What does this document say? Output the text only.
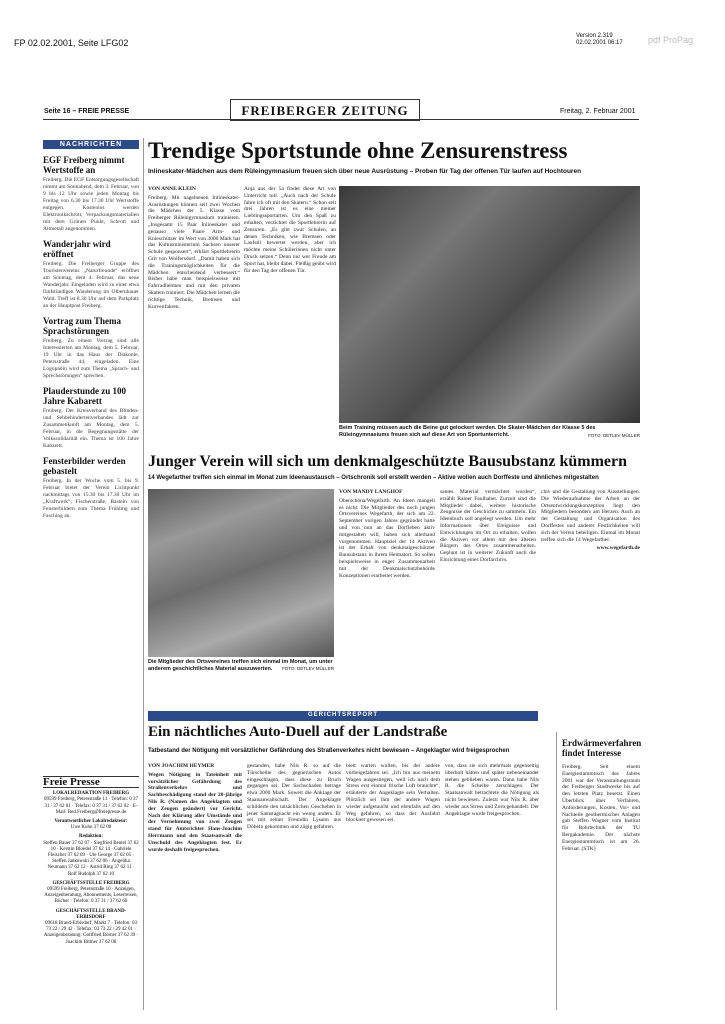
FP 02.02.2001, Seite LFG02
Version 2.319
02.02.2001 06:17	pdf ProPag
Seite 16 – FREIE PRESSE	FREIBERGER ZEITUNG	Freitag, 2. Februar 2001
NACHRICHTEN
EGF Freiberg nimmt Wertstoffe an
Freiberg. Die EGF Entsorgungsgesellschaft nimmt am Sonnabend, dem 3. Februar, von 9 bis 12 Uhr sowie jeden Montag bis Freitag von 6.30 bis 17.30 Uhr Wertstoffe entgegen. Kostenlos werden Elektronikschrott, Verpackungsmaterialien mit dem Grünen Punkt, Schrott und Altmetall angenommen.
Wanderjahr wird eröffnet
Freiberg. Die Freiberger Gruppe des Touristenvereins „Naturfreunde“ eröffnet am Sonntag, dem 4. Februar, das neue Wanderjahr. Eingeladen wird zu einer etwa fünfstündigen Wanderung im Olbernhauer Wald. Treff ist 8.30 Uhr auf dem Parkplatz an der Hauptpost Freiberg.
Vortrag zum Thema Sprachstörungen
Freiberg. Zu einem Vortrag sind alle Interessierten am Montag, dem 5. Februar, 19 Uhr in das Haus der Diakonie, Petersstraße 44, eingeladen. Eine Logopädin wird zum Thema „Sprach- und Sprechstörungen“ sprechen.
Plauderstunde zu 100 Jahre Kabarett
Freiberg. Der Kreisverband des Blinden- und Sehbehindertenverbandes lädt zur Zusammenkunft am Montag, dem 5. Februar, in die Begegnungsstätte der Volkssolidarität ein. Thema ist 100 Jahre Kabarett.
Fensterbilder werden gebastelt
Freiberg. In der Woche vom 5. bis 9. Februar bietet der Verein Lichtpunkt nachmittags von 15.30 bis 17.30 Uhr im „Kraftwerk“, Fischerstraße, Basteln von Fensterbildern zum Thema Frühling und Fasching an.
Freie Presse
LOKALREDAKTION FREIBERG
09599 Freiberg, Petersstraße 11 · Telefon: 0 37 31 / 37 62 01 · Telefax: 0 37 31 / 37 62 02 · E-Mail: Red.Freiberg@freiepresse.de
Verantwortlicher Lokalredakteur:
Uwe Kuhn 37 62 00
Redaktion:
Steffen Bauer 37 62 07 · Siegfried Beutel 37 62 10 · Kerstin Bloedel 37 62 14 · Gabriele Fleischer 37 62 09 · Ute George 37 62 05 · Steffen Jankowski 37 62 06 · Angelika Neumann 37 62 12 · Astrid Ring 37 62 11 · Rolf Rudolph 37 62 10
GESCHÄFTSSTELLE FREIBERG
09599 Freiberg, Petersstraße 10 · Anzeigen, Anzeigenberatung, Abonnements, Leserreisen, Bücher · Telefon: 0 37 31 / 37 62 60
GESCHÄFTSSTELLE BRAND-ERBISDORF
09618 Brand-Erbisdorf, Markt 7 · Telefon: 03 73 22 / 29 42 · Telefax: 03 73 22 / 29 42 01 · Anzeigenberatung: Gottfried Börner 37 62 39 · Joachim Bittner 37 62 08
Trendige Sportstunde ohne Zensurenstress
Inlineskater-Mädchen aus dem Rüleingymnasium freuen sich über neue Ausrüstung – Proben für Tag der offenen Tür laufen auf Hochtouren
VON ANNE KLEIN
Freiberg. Mit nagelneuen Inlineskater-Ausrüstungen können seit zwei Wochen die Mädchen der 5. Klasse vom Freiberger Rüleingymnasium trainieren. „Insgesamt 15 Paar Inlineskater und genauso viele Paare Arm- und Knieschützer im Wert von 3000 Mark hat das Kultusministerium Sachsen unserer Schule gesponsert“, erklärt Sportlehrerin Grit von Wolfersdorf. „Damit haben sich die Trainingsmöglichkeiten für die Mädchen entscheidend verbessert.“ Bisher habe man beispielsweise mit Fahrradhelmen und mit den privaten Skatern trainiert. Die Mädchen lernen die richtige Technik, Bremsen und Kurvenfahren.
Anja aus der 5a findet diese Art von Unterricht toll. „Auch nach der Schule fahre ich oft mit den Skatern.“ Schon seit drei Jahren ist es eine meiner Lieblingssportarten. Um den Spaß zu erhalten, verzichtet die Sportlehrerin auf Zensuren. „Es gibt zwar Schulen, an denen Techniken, wie Bremsen oder Laufstil bewertet werden, aber ich möchte meine Schülerinnen nicht unter Druck setzen.“ Denn nur wer Freude am Sport hat, bleibt dabei. Fleißig geübt wird für den Tag der offenen Tür.
Beim Training müssen auch die Beine gut gelockert werden. Die Skater-Mädchen der Klasse 5 des Rüleingymnasiums freuen sich auf diese Art von Sportunterricht.	FOTO: DETLEV MÜLLER
Junger Verein will sich um denkmalgeschützte Bausubstanz kümmern
14 Wegefarther treffen sich einmal im Monat zum Ideenaustausch – Ortschronik soll erstellt werden – Aktive wollen auch Dorffeste und ähnliches mitgestalten
Die Mitglieder des Ortsvereines treffen sich einmal im Monat, um unter anderem geschichtliches Material auszuwerten. FOTO: DETLEV MÜLLER
VON MANDY LANGHOF
Oberschöna/Wegefarth. An Ideen mangelt es nicht: Die Mitglieder des noch jungen Ortsvereines Wegefarth, der sich am 22. September vorigen Jahres gegründet hatte und von nun an das Dorfleben aktiv mitgestalten will, haben sich allerhand vorgenommen. Hauptziel der 14 Aktiven ist der Erhalt von denkmalgeschützter Bausubstanz in ihrem Heimatort. So sollen beispielsweise in enger Zusammenarbeit mit der Denkmalschutzbehörde Konzeptionen erarbeitet werden.
santes Material vermächtet worden“, erzählt Rainer Faulhaber. Zurzeit sind die Mitglieder dabei, weitere historische Zeugnisse der Geschichte zu sammeln. Ein Ideenbuch soll angelegt werden. Um mehr Informationen über Ereignisse und Entwicklungen im Ort zu erhalten, wollen die Aktiven vor allem mit den älteren Bürgern des Ortes zusammenarbeiten. Geplant ist in weiterer Zukunft auch die Einrichtung eines Dorfarchivs.
chiv und die Gestaltung von Ausstellungen. Die Wiederaufnahme der Arbeit an der Ortsentwicklungskonzeption liegt den Mitgliedern besonders am Herzen. Auch an der Gestaltung und Organisation des Dorffestes und anderer Festlichkeiten will sich der Verein beteiligen. Einmal im Monat treffen sich die 14 Wegefarther.
www.wegefarth.de
GERICHTSREPORT
Ein nächtliches Auto-Duell auf der Landstraße
Tatbestand der Nötigung mit vorsätzlicher Gefährdung des Straßenverkehrs nicht bewiesen – Angeklagter wird freigesprochen
VON JOACHIM HEYMER
Wegen Nötigung in Tateinheit mit vorsätzlicher Gefährdung des Straßenverkehrs und Sachbeschädigung stand der 20-jährige Nils R. (Namen des Angeklagten und der Zeugen geändert) vor Gericht. Nach der Klärung aller Umstände und der Vernehmung von zwei Zeugen stand für Amtsrichter Hans-Joachim Herrmann und den Staatsanwalt die Unschuld des Angeklagten fest. Er wurde deshalb freigesprochen.
gestanden, habe Nils R. so auf die Türscheibe des gegnerischen Autos eingeschlagen, dass diese zu Bruch gegangen sei. Der Sachschaden betrage etwa 2000 Mark. Soweit die Anklage der Staatsanwaltschaft. Der Angeklagte schilderte den tatsächlichen Geschehen in jener Samstagnacht ein wenig anders. Er sei mit seiner Freundin Lysann aus Döbeln gekommen und zügig gefahren.
biett warten wollen, bis der andere vorbeigefahren sei. „Ich bin aus meinem Wagen ausgestiegen, weil ich nach dem Stress erst einmal frische Luft brauchte“, erläuterte der Angeklagte sein Verhalten. Plötzlich sei ihm der andere Wagen wieder aufgetaucht und ebenfalls auf den Weg gefahren, so dass der Ausfahrt blockiert gewesen sei.
von, dass sie sich mehrmals gegenseitig überholt hätten und später nebeneinander stehen geblieben waren. Dann habe Nils R. die Scheibe zerschlagen. Der Staatsanwalt betrachtete die Nötigung als nicht bewiesen. Zuletzt war Nils R. aber wieder aus Stress und Zorn gehandelt. Der Angeklagte wurde freigesprochen.
Erdwärmeverfahren findet Interesse
Freiberg. Seit einem Energiestammtisch des Jahres 2001 war der Veranstaltungsraum der Freiberger Stadtwerke bis auf den letzten Platz besetzt. Einen Überblick über Verfahren, Anforderungen, Kosten, Vor- und Nachteile geothermischer Anlagen gab Steffen Wagner vom Institut für Bohrtechnik der TU Bergakademie. Der nächste Energiestammtisch ist am 26. Februar. (STK)
